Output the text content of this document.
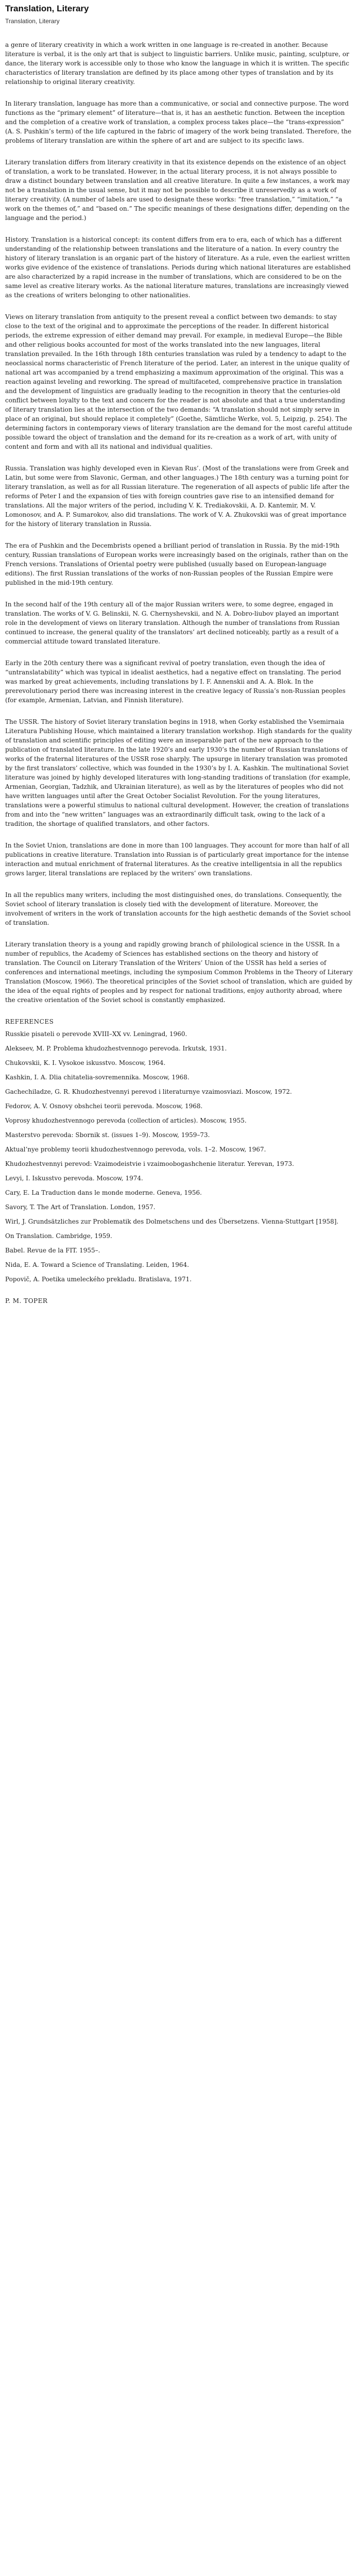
Translation, Literary
Translation, Literary

a genre of literary creativity in which a work written in one language is re-created in another. Because literature is verbal, it is the only art that is subject to linguistic barriers. Unlike music, painting, sculpture, or dance, the literary work is accessible only to those who know the language in which it is written. The specific characteristics of literary translation are defined by its place among other types of translation and by its relationship to original literary creativity.

In literary translation, language has more than a communicative, or social and connective purpose. The word functions as the “primary element” of literature—that is, it has an aesthetic function. Between the inception and the completion of a creative work of translation, a complex process takes place—the “trans-expression” (A. S. Pushkin’s term) of the life captured in the fabric of imagery of the work being translated. Therefore, the problems of literary translation are within the sphere of art and are subject to its specific laws.

Literary translation differs from literary creativity in that its existence depends on the existence of an object of translation, a work to be translated. However, in the actual literary process, it is not always possible to draw a distinct boundary between translation and all creative literature. In quite a few instances, a work may not be a translation in the usual sense, but it may not be possible to describe it unreservedly as a work of literary creativity. (A number of labels are used to designate these works: “free translation,” “imitation,” “a work on the themes of,” and “based on.” The specific meanings of these designations differ, depending on the language and the period.)

History. Translation is a historical concept: its content differs from era to era, each of which has a different understanding of the relationship between translations and the literature of a nation. In every country the history of literary translation is an organic part of the history of literature. As a rule, even the earliest written works give evidence of the existence of translations. Periods during which national literatures are established are also characterized by a rapid increase in the number of translations, which are considered to be on the same level as creative literary works. As the national literature matures, translations are increasingly viewed as the creations of writers belonging to other nationalities.

Views on literary translation from antiquity to the present reveal a conflict between two demands: to stay close to the text of the original and to approximate the perceptions of the reader. In different historical periods, the extreme expression of either demand may prevail. For example, in medieval Europe—the Bible and other religious books accounted for most of the works translated into the new languages, literal translation prevailed. In the 16th through 18th centuries translation was ruled by a tendency to adapt to the neoclassical norms characteristic of French literature of the period. Later, an interest in the unique quality of national art was accompanied by a trend emphasizing a maximum approximation of the original. This was a reaction against leveling and reworking. The spread of multifaceted, comprehensive practice in translation and the development of linguistics are gradually leading to the recognition in theory that the centuries-old conflict between loyalty to the text and concern for the reader is not absolute and that a true understanding of literary translation lies at the intersection of the two demands: “A translation should not simply serve in place of an original, but should replace it completely” (Goethe, Sämtliche Werke, vol. 5, Leipzig, p. 254). The determining factors in contemporary views of literary translation are the demand for the most careful attitude possible toward the object of translation and the demand for its re-creation as a work of art, with unity of content and form and with all its national and individual qualities.

Russia. Translation was highly developed even in Kievan Rus’. (Most of the translations were from Greek and Latin, but some were from Slavonic, German, and other languages.) The 18th century was a turning point for literary translation, as well as for all Russian literature. The regeneration of all aspects of public life after the reforms of Peter I and the expansion of ties with foreign countries gave rise to an intensified demand for translations. All the major writers of the period, including V. K. Trediakovskii, A. D. Kantemir, M. V. Lomonosov, and A. P. Sumarokov, also did translations. The work of V. A. Zhukovskii was of great importance for the history of literary translation in Russia.

The era of Pushkin and the Decembrists opened a brilliant period of translation in Russia. By the mid-19th century, Russian translations of European works were increasingly based on the originals, rather than on the French versions. Translations of Oriental poetry were published (usually based on European-language editions). The first Russian translations of the works of non-Russian peoples of the Russian Empire were published in the mid-19th century.

In the second half of the 19th century all of the major Russian writers were, to some degree, engaged in translation. The works of V. G. Belinskii, N. G. Chernyshevskii, and N. A. Dobro-liubov played an important role in the development of views on literary translation. Although the number of translations from Russian continued to increase, the general quality of the translators’ art declined noticeably, partly as a result of a commercial attitude toward translated literature.

Early in the 20th century there was a significant revival of poetry translation, even though the idea of “untranslatability” which was typical in idealist aesthetics, had a negative effect on translating. The period was marked by great achievements, including translations by I. F. Annenskii and A. A. Blok. In the prerevolutionary period there was increasing interest in the creative legacy of Russia’s non-Russian peoples (for example, Armenian, Latvian, and Finnish literature).

The USSR. The history of Soviet literary translation begins in 1918, when Gorky established the Vsemirnaia Literatura Publishing House, which maintained a literary translation workshop. High standards for the quality of translation and scientific principles of editing were an inseparable part of the new approach to the publication of translated literature. In the late 1920’s and early 1930’s the number of Russian translations of works of the fraternal literatures of the USSR rose sharply. The upsurge in literary translation was promoted by the first translators’ collective, which was founded in the 1930’s by I. A. Kashkin. The multinational Soviet literature was joined by highly developed literatures with long-standing traditions of translation (for example, Armenian, Georgian, Tadzhik, and Ukrainian literature), as well as by the literatures of peoples who did not have written languages until after the Great October Socialist Revolution. For the young literatures, translations were a powerful stimulus to national cultural development. However, the creation of translations from and into the “new written” languages was an extraordinarily difficult task, owing to the lack of a tradition, the shortage of qualified translators, and other factors.

In the Soviet Union, translations are done in more than 100 languages. They account for more than half of all publications in creative literature. Translation into Russian is of particularly great importance for the intense interaction and mutual enrichment of fraternal literatures. As the creative intelligentsia in all the republics grows larger, literal translations are replaced by the writers’ own translations.

In all the republics many writers, including the most distinguished ones, do translations. Consequently, the Soviet school of literary translation is closely tied with the development of literature. Moreover, the involvement of writers in the work of translation accounts for the high aesthetic demands of the Soviet school of translation.

Literary translation theory is a young and rapidly growing branch of philological science in the USSR. In a number of republics, the Academy of Sciences has established sections on the theory and history of translation. The Council on Literary Translation of the Writers’ Union of the USSR has held a series of conferences and international meetings, including the symposium Common Problems in the Theory of Literary Translation (Moscow, 1966). The theoretical principles of the Soviet school of translation, which are guided by the idea of the equal rights of peoples and by respect for national traditions, enjoy authority abroad, where the creative orientation of the Soviet school is constantly emphasized.

REFERENCES
Russkie pisateli o perevode XVIII–XX vv. Leningrad, 1960.
Alekseev, M. P. Problema khudozhestvennogo perevoda. Irkutsk, 1931.
Chukovskii, K. I. Vysokoe iskusstvo. Moscow, 1964.
Kashkin, I. A. Dlia chitatelia-sovremennika. Moscow, 1968.
Gachechiladze, G. R. Khudozhestvennyi perevod i literaturnye vzaimosviazi. Moscow, 1972.
Fedorov, A. V. Osnovy obshchei teorii perevoda. Moscow, 1968.
Voprosy khudozhestvennogo perevoda (collection of articles). Moscow, 1955.
Masterstvo perevoda: Sbornik st. (issues 1–9). Moscow, 1959–73.
Aktual’nye problemy teorii khudozhestvennogo perevoda, vols. 1–2. Moscow, 1967.
Khudozhestvennyi perevod: Vzaimodeistvie i vzaimoobogashchenie literatur. Yerevan, 1973.
Levyi, I. Iskusstvo perevoda. Moscow, 1974.
Cary, E. La Traduction dans le monde moderne. Geneva, 1956.
Savory, T. The Art of Translation. London, 1957.
Wirl, J. Grundsätzliches zur Problematik des Dolmetschens und des Übersetzens. Vienna-Stuttgart [1958].
On Translation. Cambridge, 1959.
Babel. Revue de la FIT. 1955–.
Nida, E. A. Toward a Science of Translating. Leiden, 1964.
Popovič, A. Poetika umeleckého prekladu. Bratislava, 1971.
P. M. TOPER
